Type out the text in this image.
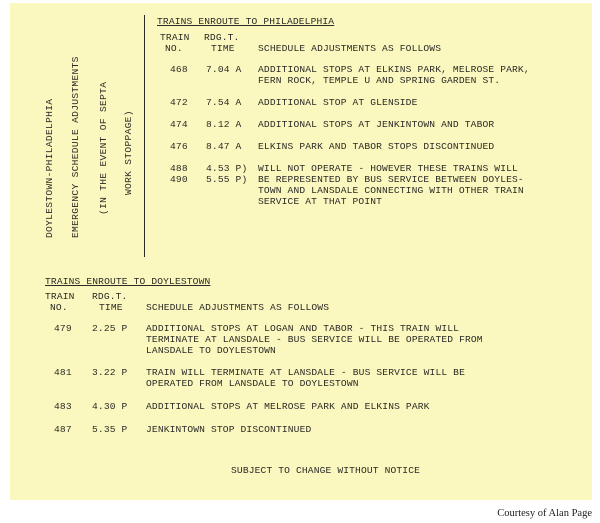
DOYLESTOWN-PHILADELPHIA EMERGENCY SCHEDULE ADJUSTMENTS (IN THE EVENT OF SEPTA WORK STOPPAGE)
TRAINS ENROUTE TO PHILADELPHIA
TRAIN
NO.
RDG.T.
TIME SCHEDULE ADJUSTMENTS AS FOLLOWS
468 7.04 A ADDITIONAL STOPS AT ELKINS PARK, MELROSE PARK,
FERN ROCK, TEMPLE U AND SPRING GARDEN ST.
472 7.54 A ADDITIONAL STOP AT GLENSIDE
474 8.12 A ADDITIONAL STOPS AT JENKINTOWN AND TABOR
476 8.47 A ELKINS PARK AND TABOR STOPS DISCONTINUED
488
490
4.53 P)
5.55 P)
WILL NOT OPERATE - HOWEVER THESE TRAINS WILL
BE REPRESENTED BY BUS SERVICE BETWEEN DOYLES-
TOWN AND LANSDALE CONNECTING WITH OTHER TRAIN
SERVICE AT THAT POINT
TRAINS ENROUTE TO DOYLESTOWN
TRAIN
NO.
RDG.T.
TIME SCHEDULE ADJUSTMENTS AS FOLLOWS
479 2.25 P ADDITIONAL STOPS AT LOGAN AND TABOR - THIS TRAIN WILL
TERMINATE AT LANSDALE - BUS SERVICE WILL BE OPERATED FROM
LANSDALE TO DOYLESTOWN
481 3.22 P TRAIN WILL TERMINATE AT LANSDALE - BUS SERVICE WILL BE
OPERATED FROM LANSDALE TO DOYLESTOWN
483 4.30 P ADDITIONAL STOPS AT MELROSE PARK AND ELKINS PARK
487 5.35 P JENKINTOWN STOP DISCONTINUED
SUBJECT TO CHANGE WITHOUT NOTICE
Courtesy of Alan Page
